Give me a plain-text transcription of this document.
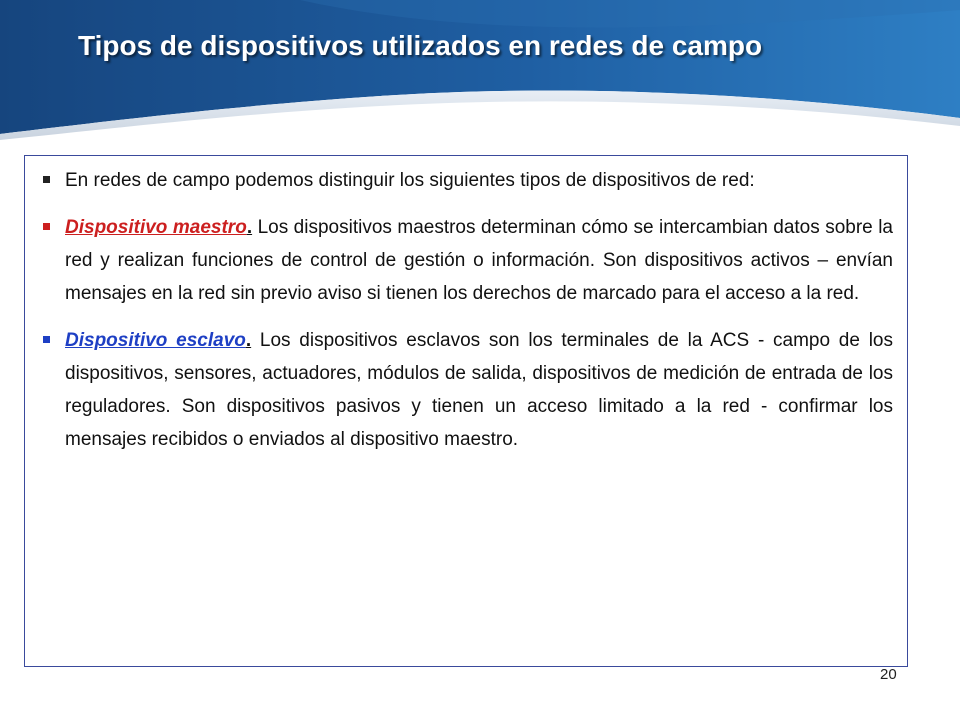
Tipos de dispositivos utilizados en redes de campo
En redes de campo podemos distinguir los siguientes tipos de dispositivos de red:
Dispositivo maestro. Los dispositivos maestros determinan cómo se intercambian datos sobre la red y realizan funciones de control de gestión o información. Son dispositivos activos – envían mensajes en la red sin previo aviso si tienen los derechos de marcado para el acceso a la red.
Dispositivo esclavo. Los dispositivos esclavos son los terminales de la ACS - campo de los dispositivos, sensores, actuadores, módulos de salida, dispositivos de medición de entrada de los reguladores. Son dispositivos pasivos y tienen un acceso limitado a la red - confirmar los mensajes recibidos o enviados al dispositivo maestro.
20
